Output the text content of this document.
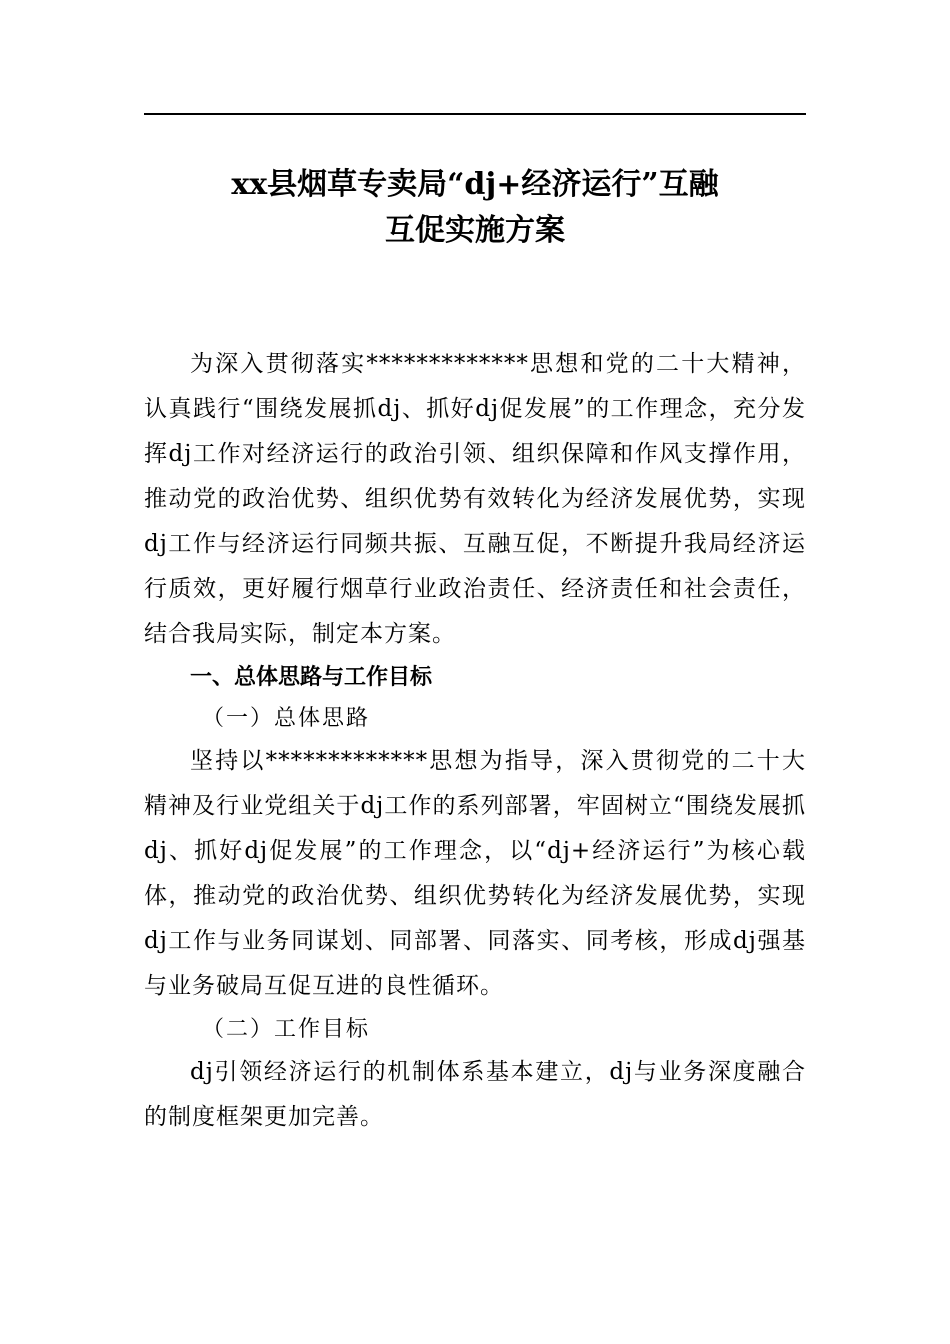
xx县烟草专卖局“dj+经济运行”互融
互促实施方案

为深入贯彻落实*************思想和党的二十大精神，认真践行“围绕发展抓dj、抓好dj促发展”的工作理念，充分发挥dj工作对经济运行的政治引领、组织保障和作风支撑作用，推动党的政治优势、组织优势有效转化为经济发展优势，实现dj工作与经济运行同频共振、互融互促，不断提升我局经济运行质效，更好履行烟草行业政治责任、经济责任和社会责任，结合我局实际，制定本方案。

一、总体思路与工作目标

（一）总体思路

坚持以*************思想为指导，深入贯彻党的二十大精神及行业党组关于dj工作的系列部署，牢固树立“围绕发展抓dj、抓好dj促发展”的工作理念，以“dj+经济运行”为核心载体，推动党的政治优势、组织优势转化为经济发展优势，实现dj工作与业务同谋划、同部署、同落实、同考核，形成dj强基与业务破局互促互进的良性循环。

（二）工作目标

dj引领经济运行的机制体系基本建立，dj与业务深度融合的制度框架更加完善。
